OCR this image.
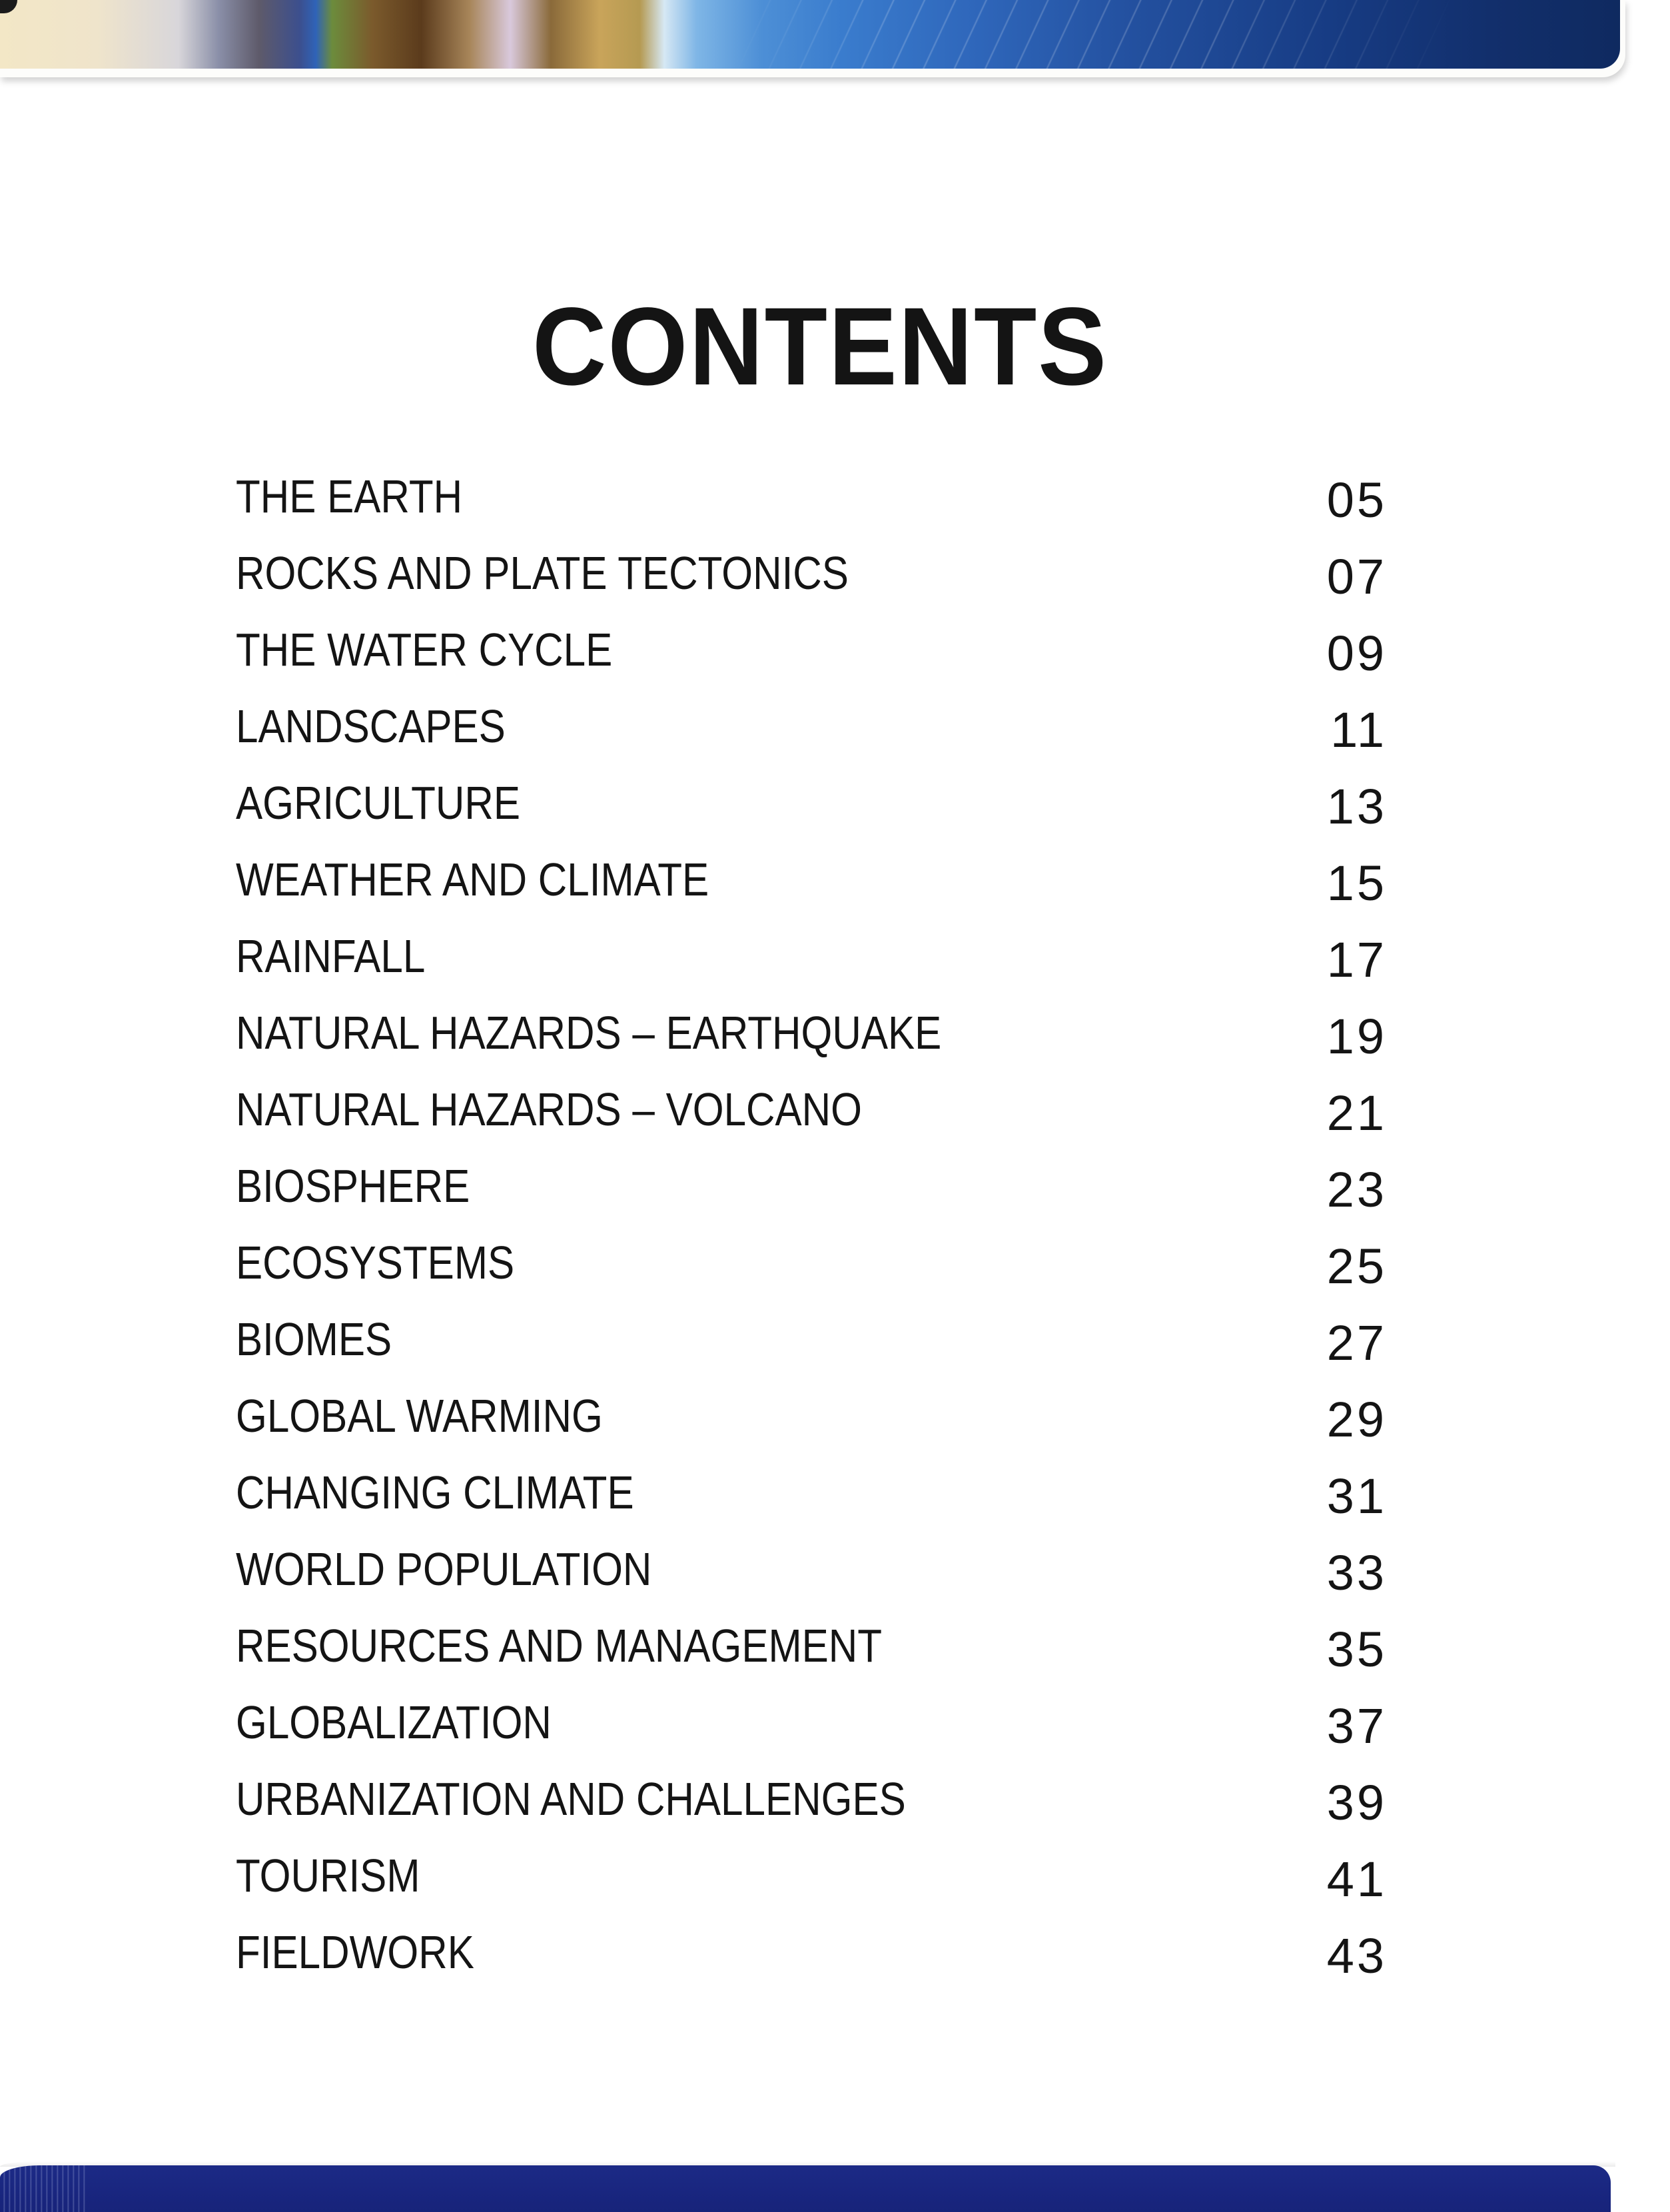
CONTENTS
THE EARTH	05
ROCKS AND PLATE TECTONICS	07
THE WATER CYCLE	09
LANDSCAPES	11
AGRICULTURE	13
WEATHER AND CLIMATE	15
RAINFALL	17
NATURAL HAZARDS – EARTHQUAKE	19
NATURAL HAZARDS – VOLCANO	21
BIOSPHERE	23
ECOSYSTEMS	25
BIOMES	27
GLOBAL WARMING	29
CHANGING CLIMATE	31
WORLD POPULATION	33
RESOURCES AND MANAGEMENT	35
GLOBALIZATION	37
URBANIZATION AND CHALLENGES	39
TOURISM	41
FIELDWORK	43
